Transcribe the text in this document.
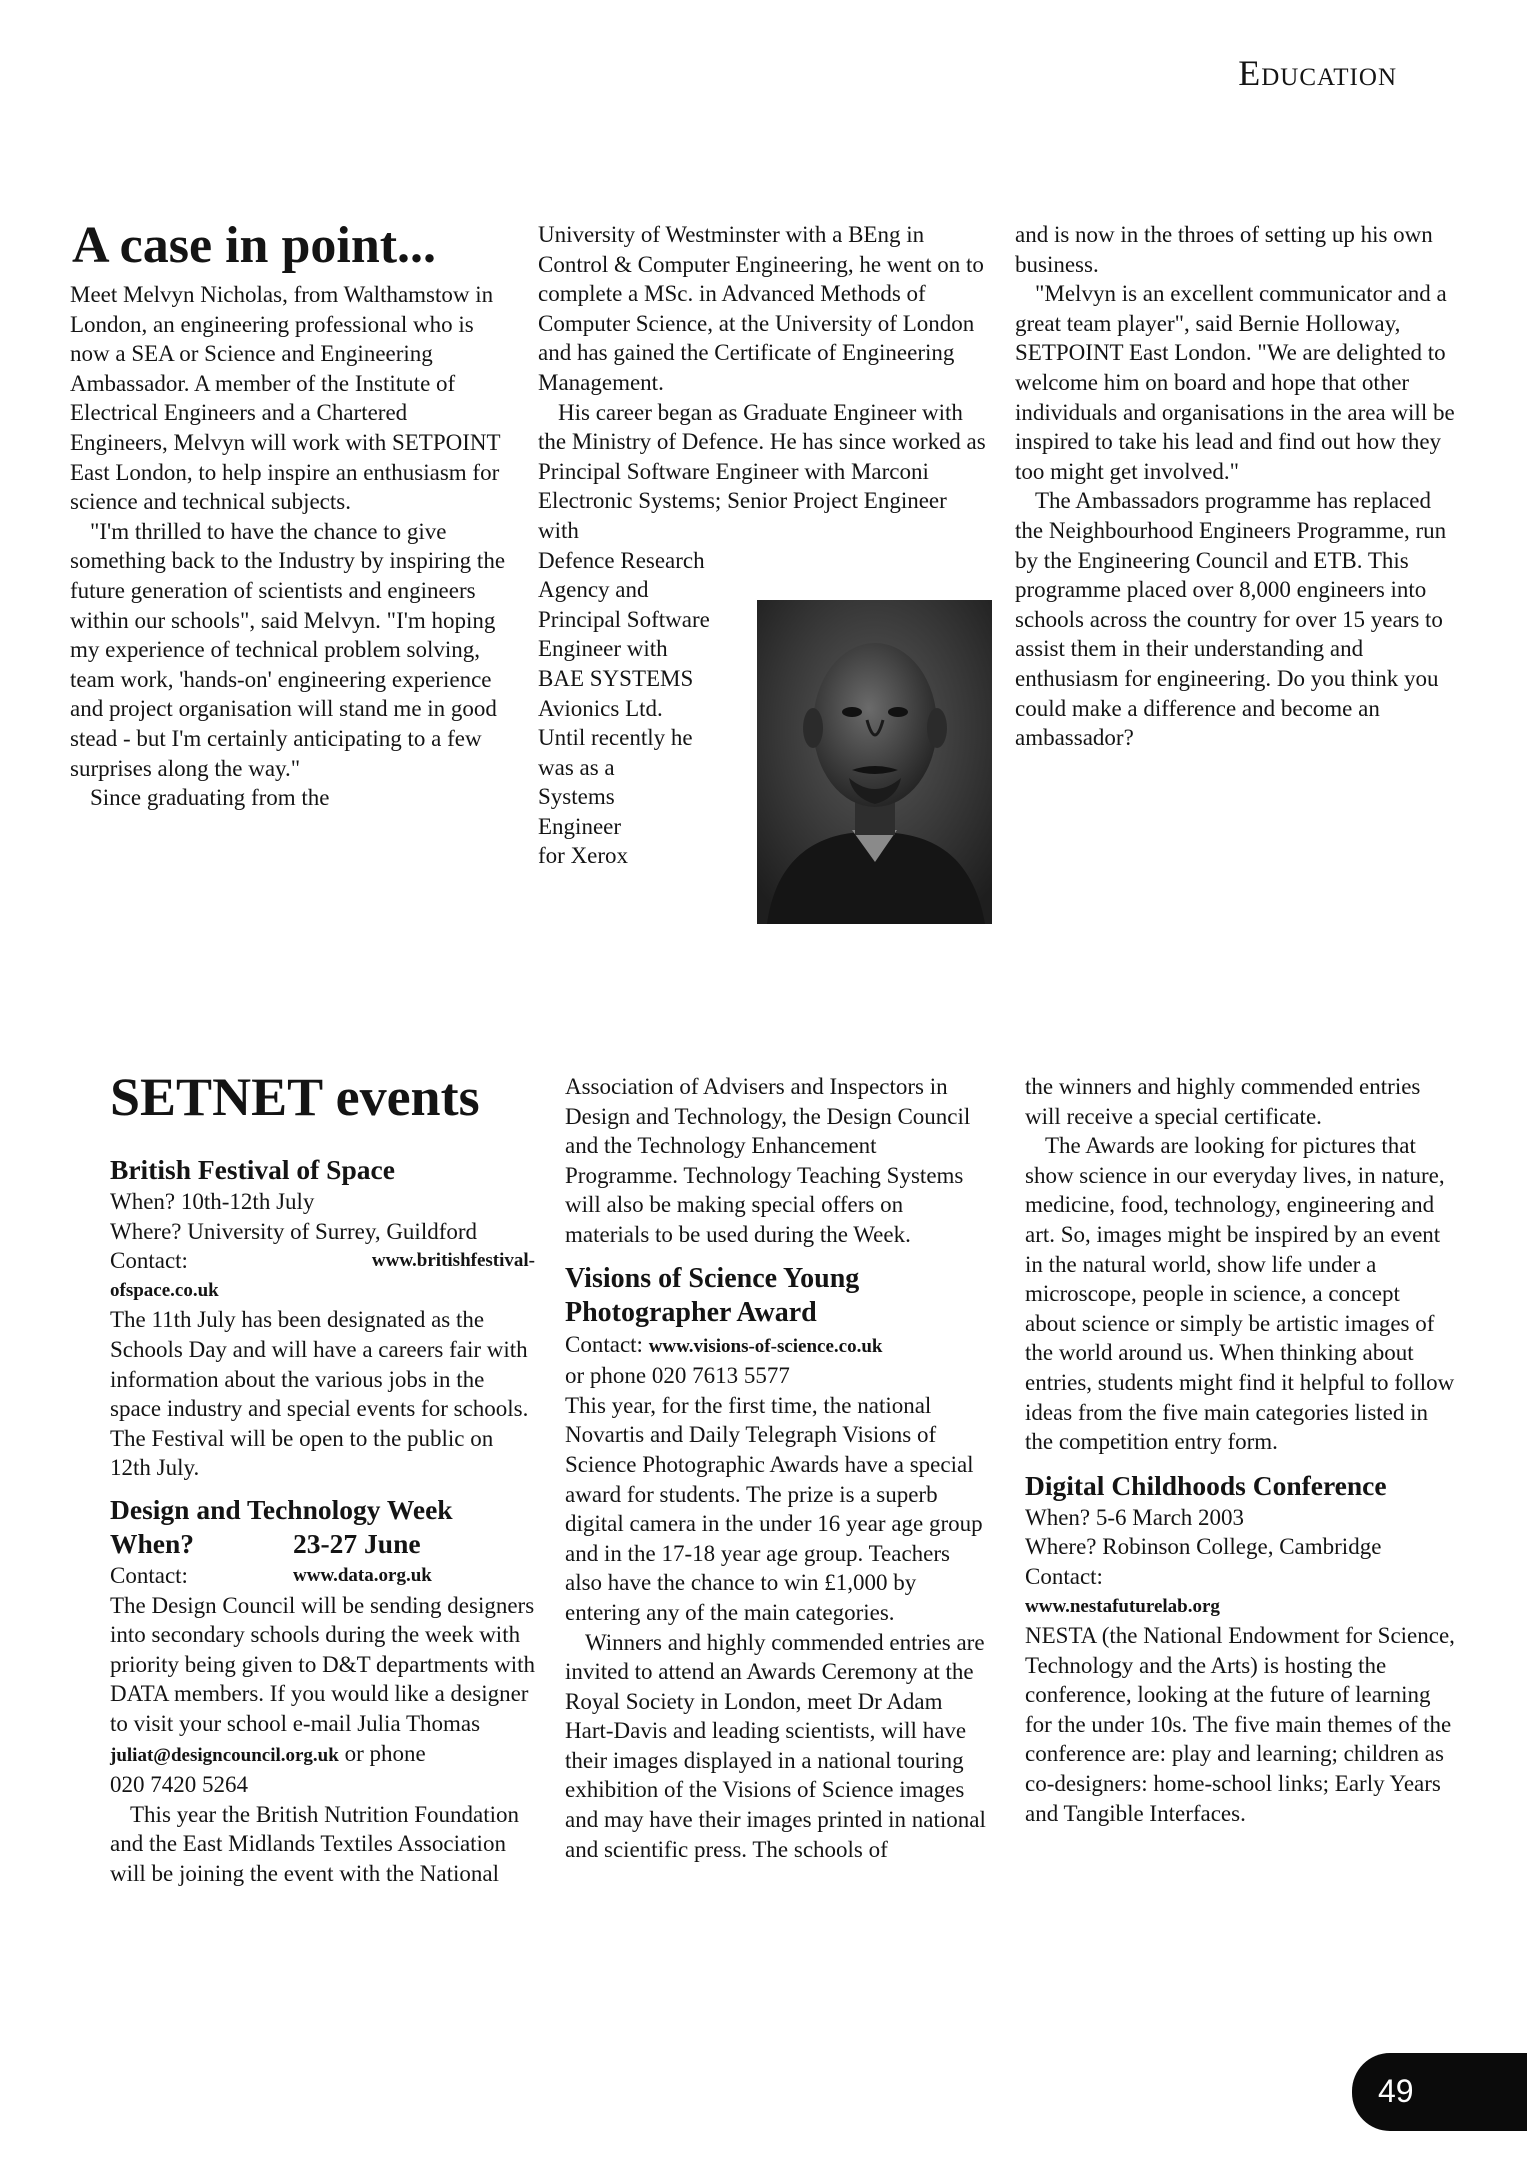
Education
A case in point...

Meet Melvyn Nicholas, from Walthamstow in London, an engineering professional who is now a SEA or Science and Engineering Ambassador. A member of the Institute of Electrical Engineers and a Chartered Engineers, Melvyn will work with SETPOINT East London, to help inspire an enthusiasm for science and technical subjects.

"I'm thrilled to have the chance to give something back to the Industry by inspiring the future generation of scientists and engineers within our schools", said Melvyn. "I'm hoping my experience of technical problem solving, team work, 'hands-on' engineering experience and project organisation will stand me in good stead - but I'm certainly anticipating to a few surprises along the way."

Since graduating from the

University of Westminster with a BEng in Control & Computer Engineering, he went on to complete a MSc. in Advanced Methods of Computer Science, at the University of London and has gained the Certificate of Engineering Management.

His career began as Graduate Engineer with the Ministry of Defence. He has since worked as Principal Software Engineer with Marconi Electronic Systems; Senior Project Engineer with

Defence Research
Agency and
Principal Software
Engineer with
BAE SYSTEMS
Avionics Ltd.
Until recently he
was as a
Systems
Engineer
for Xerox

and is now in the throes of setting up his own business.

"Melvyn is an excellent communicator and a great team player", said Bernie Holloway, SETPOINT East London. "We are delighted to welcome him on board and hope that other individuals and organisations in the area will be inspired to take his lead and find out how they too might get involved."

The Ambassadors programme has replaced the Neighbourhood Engineers Programme, run by the Engineering Council and ETB. This programme placed over 8,000 engineers into schools across the country for over 15 years to assist them in their understanding and enthusiasm for engineering. Do you think you could make a difference and become an ambassador?

SETNET events
British Festival of Space

When? 10th-12th July

Where? University of Surrey, Guildford

Contact:	www.britishfestival-
ofspace.co.uk

The 11th July has been designated as the Schools Day and will have a careers fair with information about the various jobs in the space industry and special events for schools. The Festival will be open to the public on 12th July.

Design and Technology Week
When?	23-27 June
Contact:	www.data.org.uk

The Design Council will be sending designers into secondary schools during the week with priority being given to D&T departments with DATA members. If you would like a designer to visit your school e-mail Julia Thomas

juliat@designcouncil.org.uk or phone

020 7420 5264

This year the British Nutrition Foundation and the East Midlands Textiles Association will be joining the event with the National

Association of Advisers and Inspectors in Design and Technology, the Design Council and the Technology Enhancement Programme. Technology Teaching Systems will also be making special offers on materials to be used during the Week.

Visions of Science Young Photographer Award

Contact: www.visions-of-science.co.uk

or phone 020 7613 5577

This year, for the first time, the national Novartis and Daily Telegraph Visions of Science Photographic Awards have a special award for students. The prize is a superb digital camera in the under 16 year age group and in the 17-18 year age group. Teachers also have the chance to win £1,000 by entering any of the main categories.

Winners and highly commended entries are invited to attend an Awards Ceremony at the Royal Society in London, meet Dr Adam Hart-Davis and leading scientists, will have their images displayed in a national touring exhibition of the Visions of Science images and may have their images printed in national and scientific press. The schools of

the winners and highly commended entries will receive a special certificate.

The Awards are looking for pictures that show science in our everyday lives, in nature, medicine, food, technology, engineering and art. So, images might be inspired by an event in the natural world, show life under a microscope, people in science, a concept about science or simply be artistic images of the world around us. When thinking about entries, students might find it helpful to follow ideas from the five main categories listed in the competition entry form.

Digital Childhoods Conference

When? 5-6 March 2003

Where? Robinson College, Cambridge

Contact:

www.nestafuturelab.org

NESTA (the National Endowment for Science, Technology and the Arts) is hosting the conference, looking at the future of learning for the under 10s. The five main themes of the conference are: play and learning; children as co-designers: home-school links; Early Years and Tangible Interfaces.

49
